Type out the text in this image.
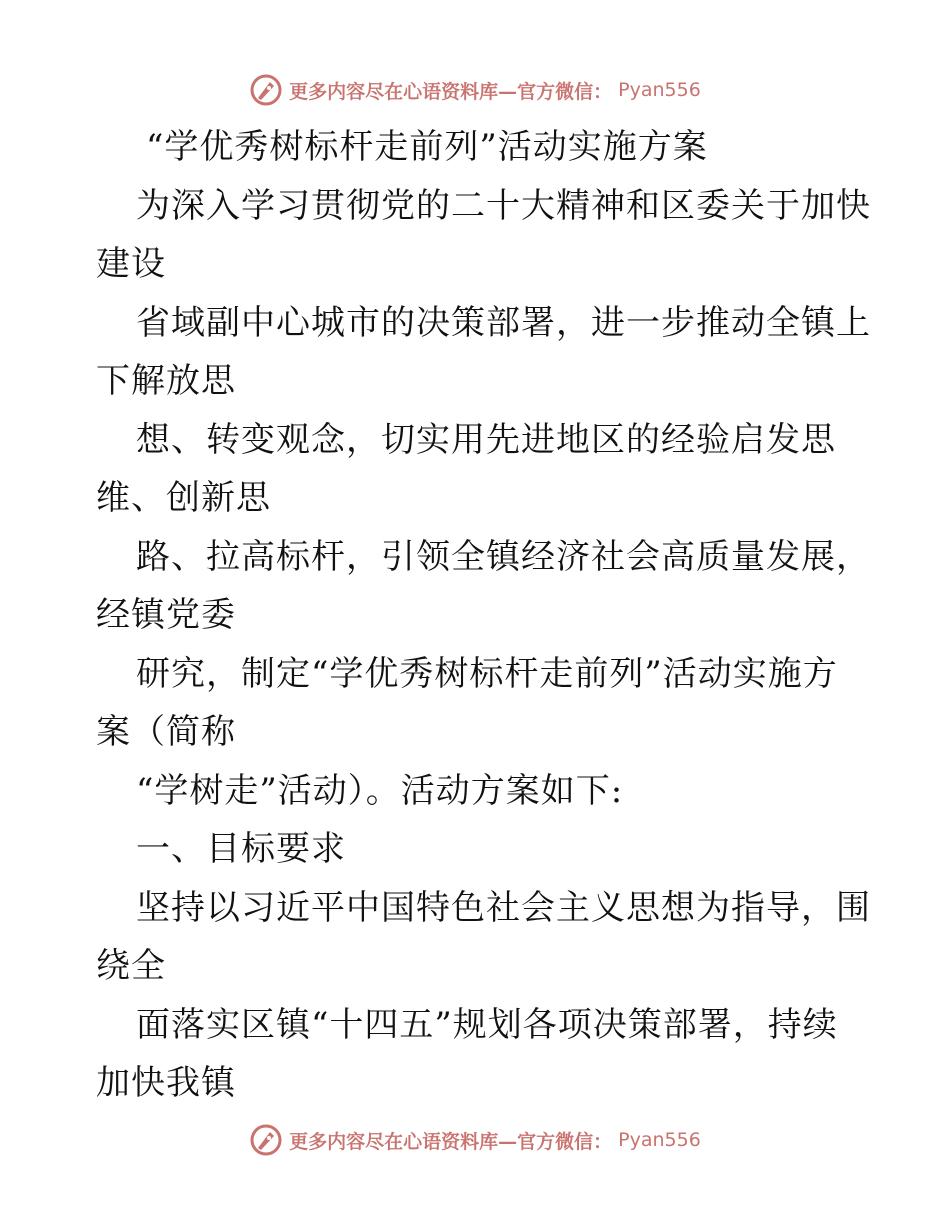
更多内容尽在心语资料库—官方微信： Pyan556
“学优秀树标杆走前列”活动实施方案
为深入学习贯彻党的二十大精神和区委关于加快
建设
省域副中心城市的决策部署，进一步推动全镇上
下解放思
想、转变观念，切实用先进地区的经验启发思
维、创新思
路、拉高标杆，引领全镇经济社会高质量发展，
经镇党委
研究，制定“学优秀树标杆走前列”活动实施方
案（简称
“学树走”活动）。活动方案如下:
一、目标要求
坚持以习近平中国特色社会主义思想为指导，围
绕全
面落实区镇“十四五”规划各项决策部署，持续
加快我镇
更多内容尽在心语资料库—官方微信： Pyan556
